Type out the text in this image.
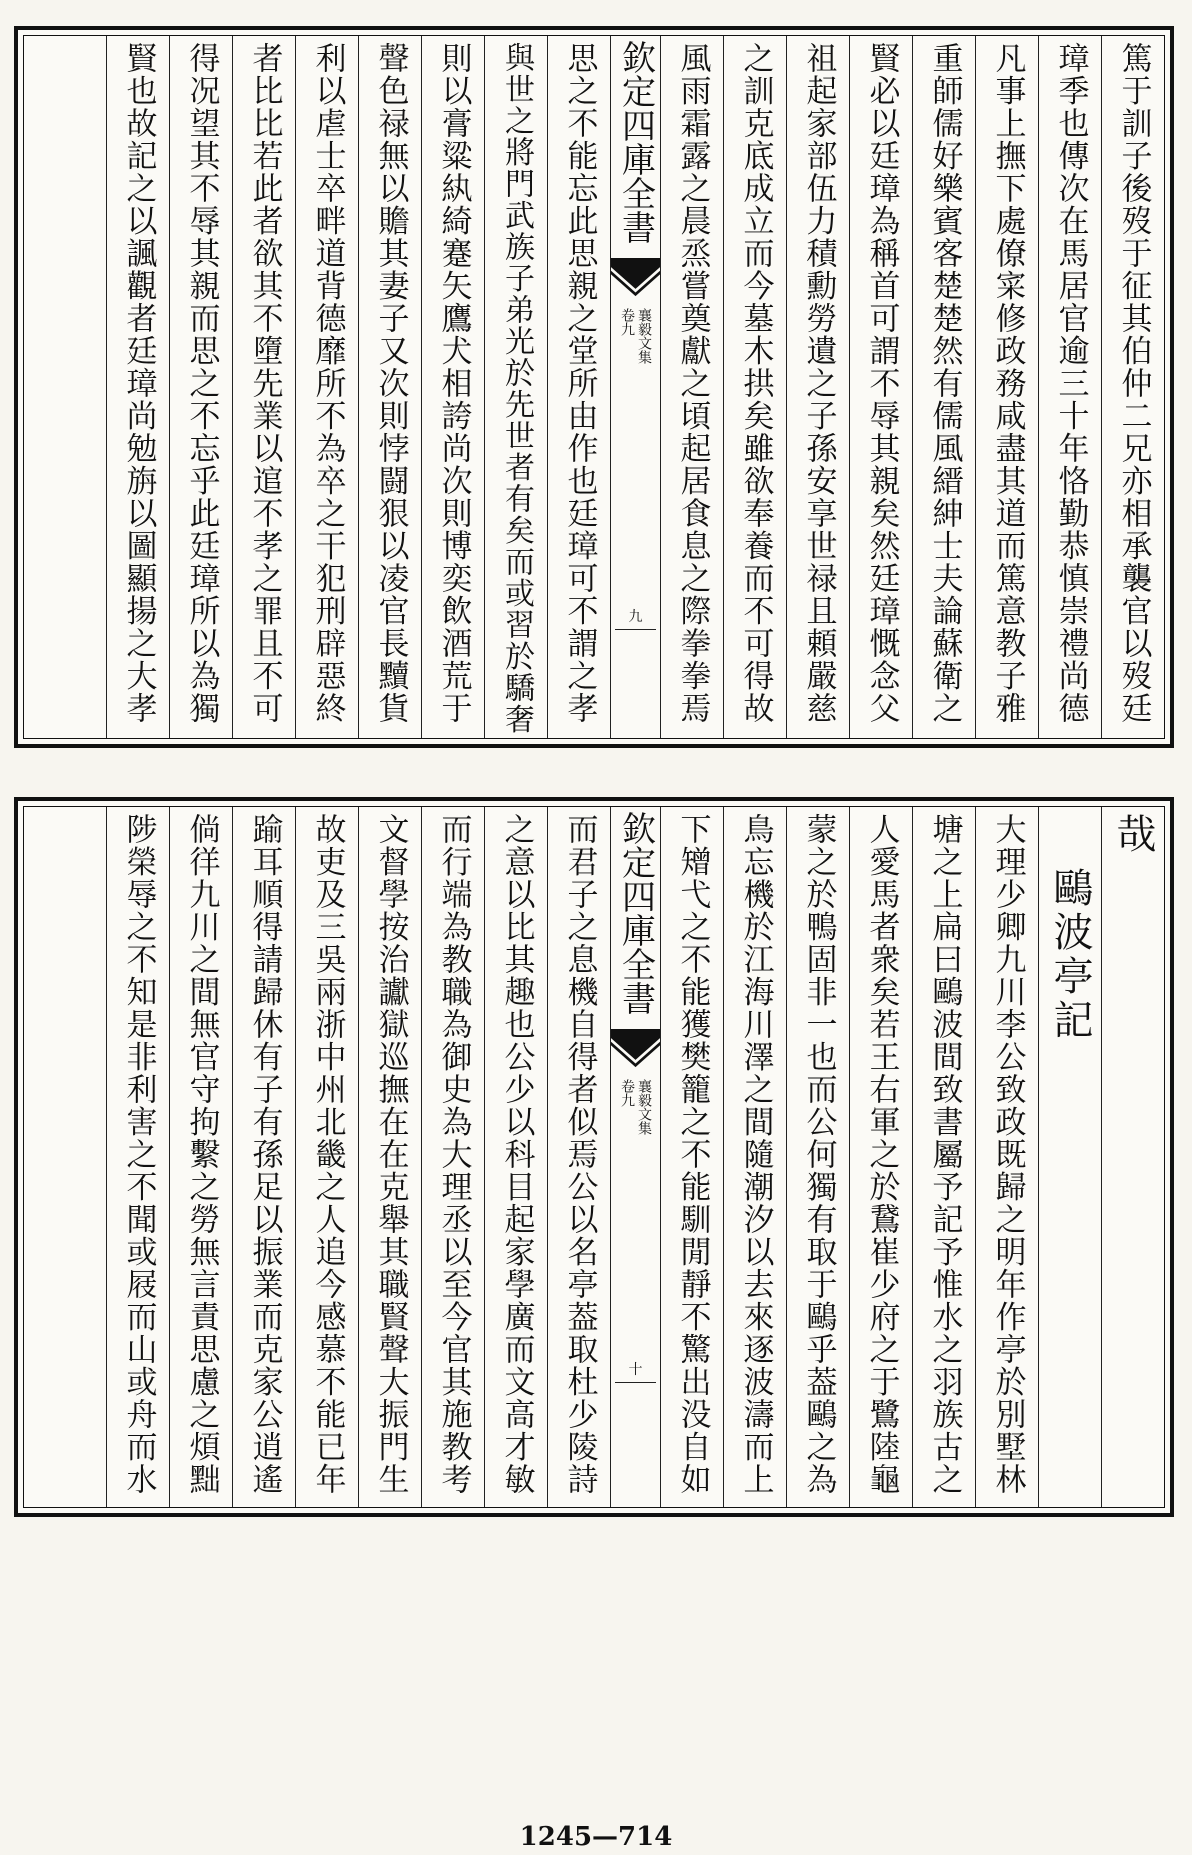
篤于訓子後歿于征其伯仲二兄亦相承襲官以歿廷
璋季也傳次在馬居官逾三十年恪勤恭慎崇禮尚德
凡事上撫下處僚寀修政務咸盡其道而篤意教子雅
重師儒好樂賓客楚楚然有儒風縉紳士夫論蘇衛之
賢必以廷璋為稱首可謂不辱其親矣然廷璋慨念父
祖起家部伍力積勳勞遺之子孫安享世禄且頼嚴慈
之訓克底成立而今墓木拱矣雖欲奉養而不可得故
風雨霜露之晨烝嘗奠獻之頃起居食息之際拳拳焉
欽定四庫全書
襄毅文集
卷九
九
思之不能忘此思親之堂所由作也廷璋可不謂之孝
與世之將門武族子弟光於先世者有矣而或習於驕奢
則以膏粱紈綺蹇矢鷹犬相誇尚次則博奕飲酒荒于
聲色禄無以贍其妻子又次則悖闘狠以凌官長黷貨
利以虐士卒畔道背德靡所不為卒之干犯刑辟惡終
者比比若此者欲其不墮先業以逭不孝之罪且不可
得况望其不辱其親而思之不忘乎此廷璋所以為獨
賢也故記之以諷觀者廷璋尚勉旃以圖顯揚之大孝
哉
鷗波亭記
大理少卿九川李公致政既歸之明年作亭於別墅林
塘之上扁曰鷗波間致書屬予記予惟水之羽族古之
人愛馬者衆矣若王右軍之於鵞崔少府之于鷺陸龜
蒙之於鴨固非一也而公何獨有取于鷗乎葢鷗之為
鳥忘機於江海川澤之間隨潮汐以去來逐波濤而上
下矰弋之不能獲樊籠之不能馴閒靜不驚出没自如
欽定四庫全書
襄毅文集
卷九
十
而君子之息機自得者似焉公以名亭葢取杜少陵詩
之意以比其趣也公少以科目起家學廣而文高才敏
而行端為教職為御史為大理丞以至今官其施教考
文督學按治讞獄巡撫在在克舉其職賢聲大振門生
故吏及三吳兩浙中州北畿之人追今感慕不能已年
踰耳順得請歸休有子有孫足以振業而克家公逍遙
倘徉九川之間無官守拘繫之勞無言責思慮之煩黜
陟榮辱之不知是非利害之不聞或屐而山或舟而水
1245—714
